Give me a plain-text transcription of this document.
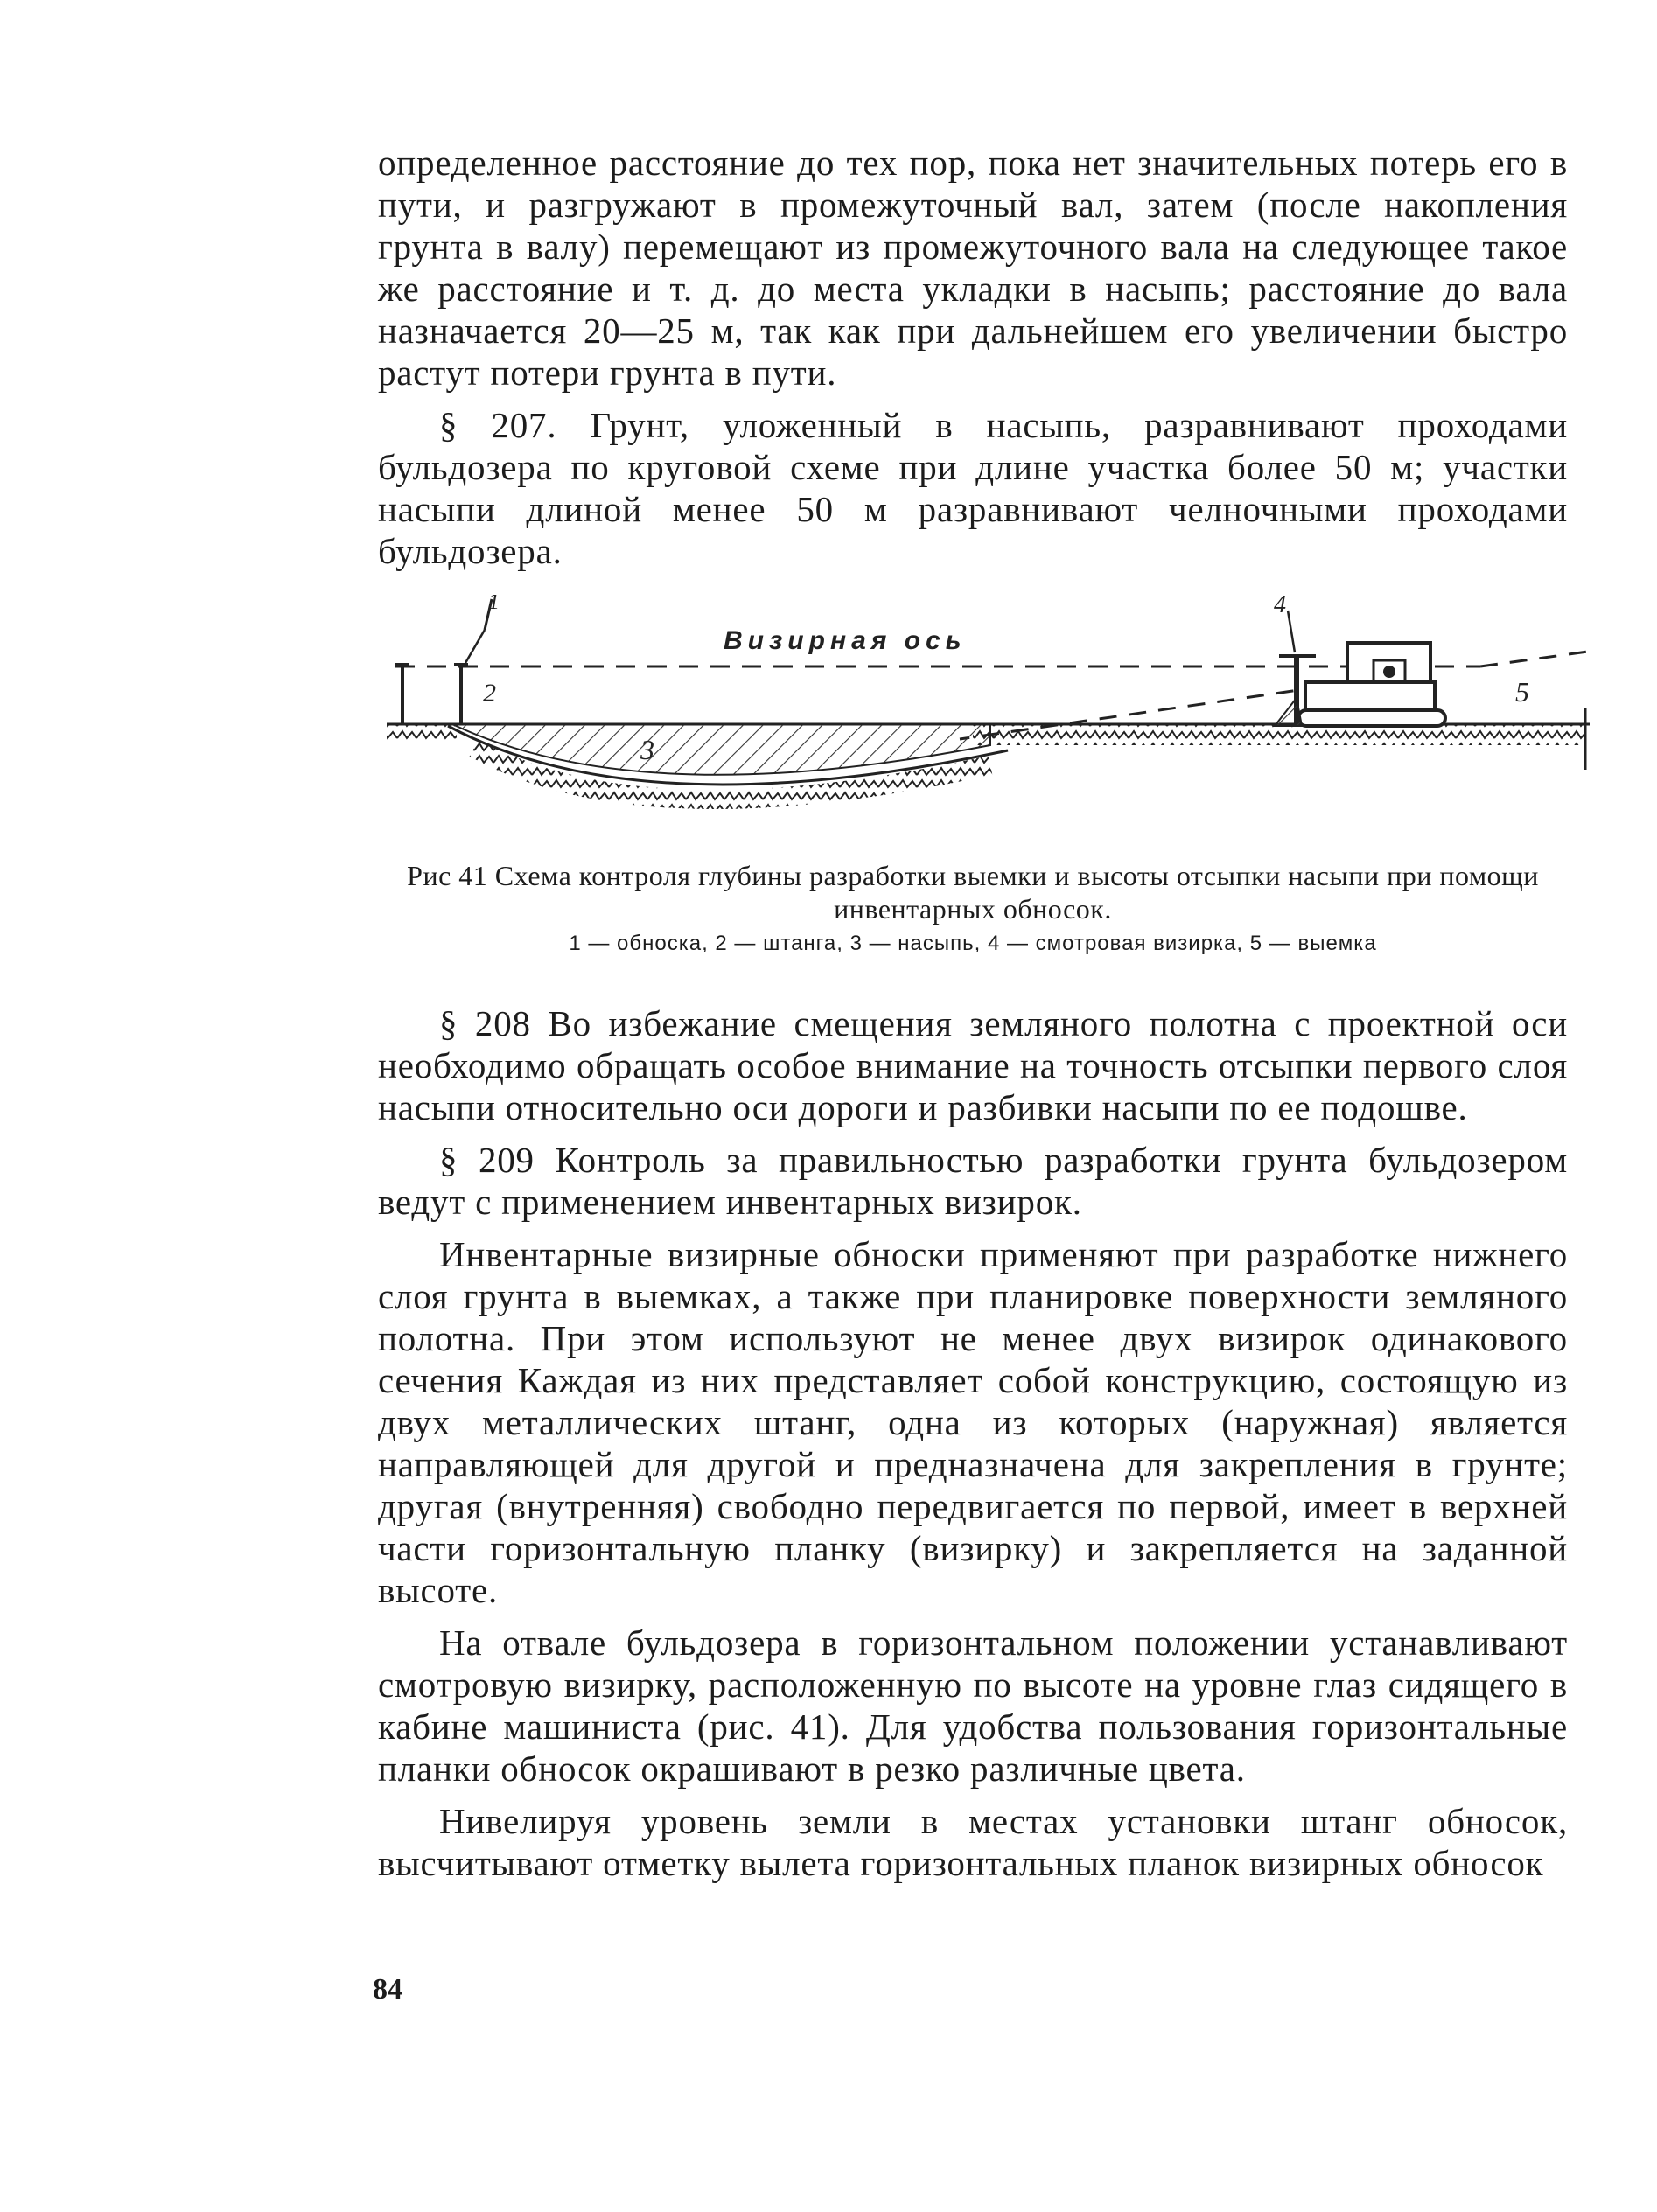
определенное расстояние до тех пор, пока нет значительных потерь его в пути, и разгружают в промежуточный вал, затем (после накопления грунта в валу) перемещают из промежуточного вала на следующее такое же расстояние и т. д. до места укладки в насыпь; расстояние до вала назначается 20—25 м, так как при дальнейшем его увеличении быстро растут потери грунта в пути.

§ 207. Грунт, уложенный в насыпь, разравнивают проходами бульдозера по круговой схеме при длине участка более 50 м; участки насыпи длиной менее 50 м разравнивают челночными проходами бульдозера.

Визирная ось
1
2
3
4
5
Рис 41 Схема контроля глубины разработки выемки и высоты отсыпки насыпи при помощи инвентарных обносок.
1 — обноска, 2 — штанга, 3 — насыпь, 4 — смотровая визирка, 5 — выемка

§ 208 Во избежание смещения земляного полотна с проектной оси необходимо обращать особое внимание на точность отсыпки первого слоя насыпи относительно оси дороги и разбивки насыпи по ее подошве.

§ 209 Контроль за правильностью разработки грунта бульдозером ведут с применением инвентарных визирок.

Инвентарные визирные обноски применяют при разработке нижнего слоя грунта в выемках, а также при планировке поверхности земляного полотна. При этом используют не менее двух визирок одинакового сечения Каждая из них представляет собой конструкцию, состоящую из двух металлических штанг, одна из которых (наружная) является направляющей для другой и предназначена для закрепления в грунте; другая (внутренняя) свободно передвигается по первой, имеет в верхней части горизонтальную планку (визирку) и закрепляется на заданной высоте.

На отвале бульдозера в горизонтальном положении устанавливают смотровую визирку, расположенную по высоте на уровне глаз сидящего в кабине машиниста (рис. 41). Для удобства пользования горизонтальные планки обносок окрашивают в резко различные цвета.

Нивелируя уровень земли в местах установки штанг обносок, высчитывают отметку вылета горизонтальных планок визирных обносок

84
